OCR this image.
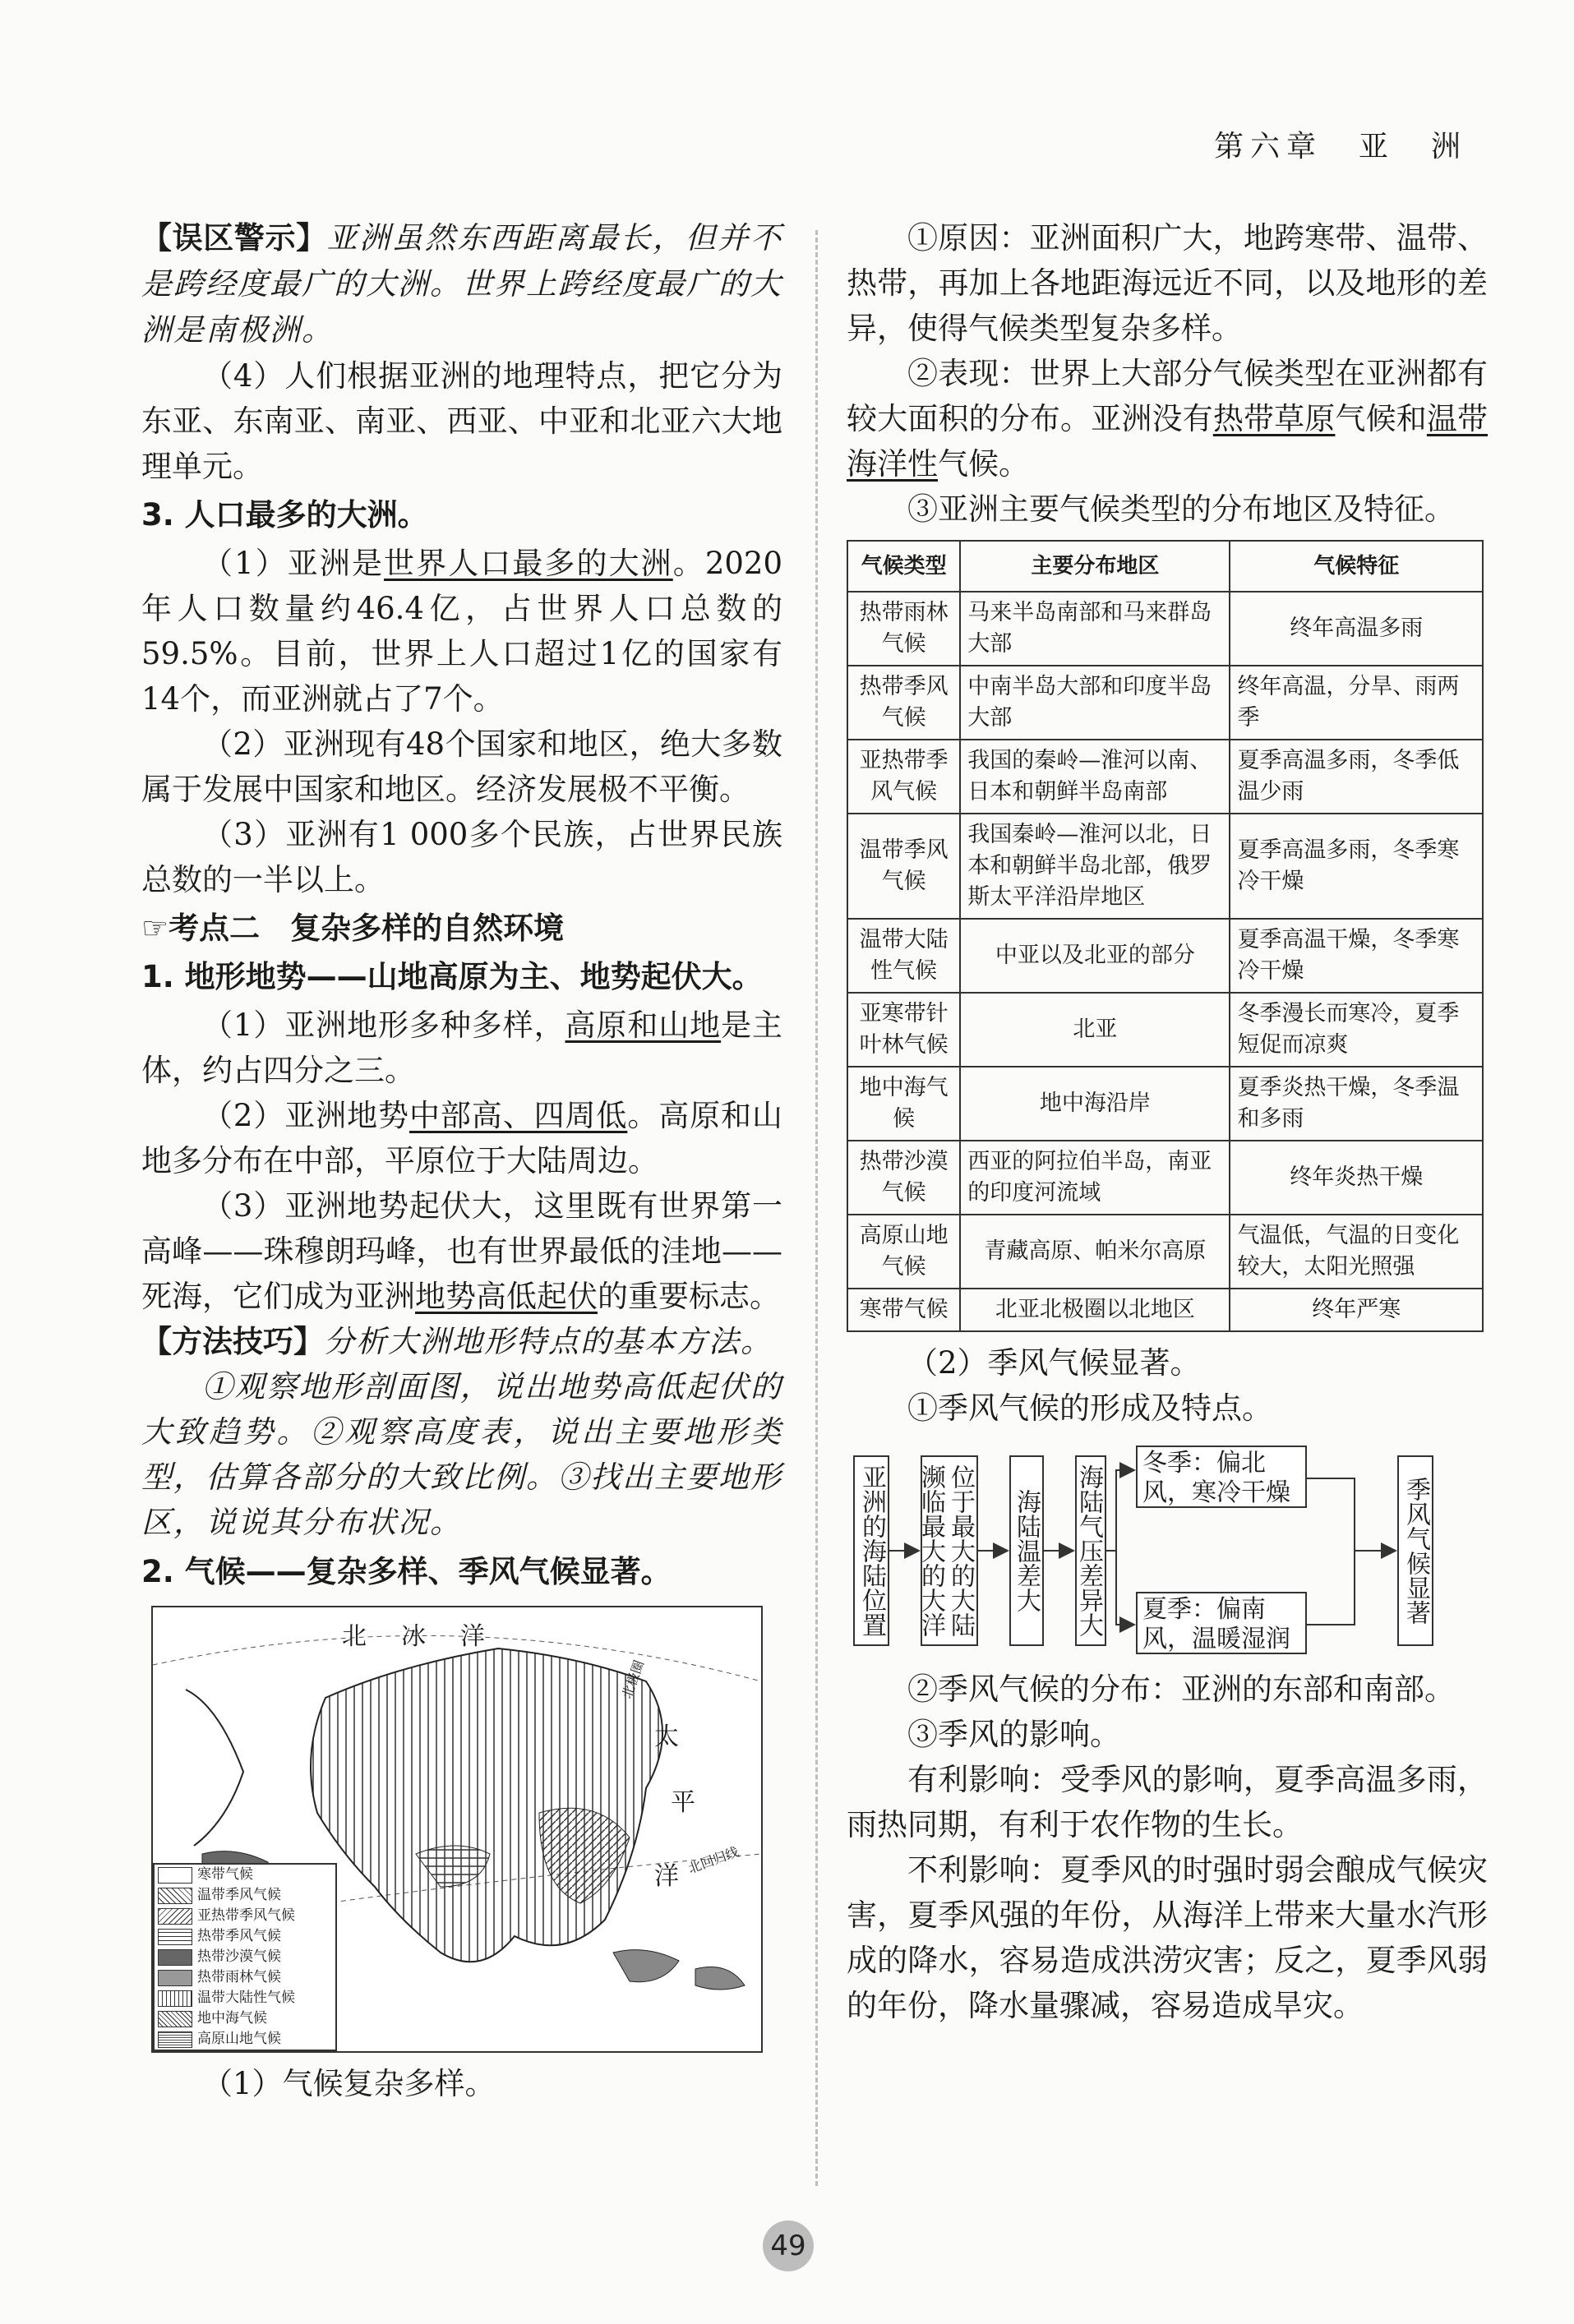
第六章　亚　洲

【误区警示】亚洲虽然东西距离最长，但并不是跨经度最广的大洲。世界上跨经度最广的大洲是南极洲。

（4）人们根据亚洲的地理特点，把它分为东亚、东南亚、南亚、西亚、中亚和北亚六大地理单元。

3. 人口最多的大洲。

（1）亚洲是世界人口最多的大洲。2020年人口数量约46.4亿，占世界人口总数的59.5%。目前，世界上人口超过1亿的国家有14个，而亚洲就占了7个。

（2）亚洲现有48个国家和地区，绝大多数属于发展中国家和地区。经济发展极不平衡。

（3）亚洲有1 000多个民族，占世界民族总数的一半以上。

☞考点二　复杂多样的自然环境

1. 地形地势——山地高原为主、地势起伏大。

（1）亚洲地形多种多样，高原和山地是主体，约占四分之三。

（2）亚洲地势中部高、四周低。高原和山地多分布在中部，平原位于大陆周边。

（3）亚洲地势起伏大，这里既有世界第一高峰——珠穆朗玛峰，也有世界最低的洼地——死海，它们成为亚洲地势高低起伏的重要标志。

【方法技巧】分析大洲地形特点的基本方法。

①观察地形剖面图，说出地势高低起伏的大致趋势。②观察高度表，说出主要地形类型，估算各部分的大致比例。③找出主要地形区，说说其分布状况。

2. 气候——复杂多样、季风气候显著。

北　冰　洋
北极圈
太
平
洋
北回归线
寒带气候
温带季风气候
亚热带季风气候
热带季风气候
热带沙漠气候
热带雨林气候
温带大陆性气候
地中海气候
高原山地气候

（1）气候复杂多样。

①原因：亚洲面积广大，地跨寒带、温带、热带，再加上各地距海远近不同，以及地形的差异，使得气候类型复杂多样。

②表现：世界上大部分气候类型在亚洲都有较大面积的分布。亚洲没有热带草原气候和温带海洋性气候。

③亚洲主要气候类型的分布地区及特征。

气候类型	主要分布地区	气候特征
热带雨林气候	马来半岛南部和马来群岛大部	终年高温多雨
热带季风气候	中南半岛大部和印度半岛大部	终年高温，分旱、雨两季
亚热带季风气候	我国的秦岭—淮河以南、日本和朝鲜半岛南部	夏季高温多雨，冬季低温少雨
温带季风气候	我国秦岭—淮河以北，日本和朝鲜半岛北部，俄罗斯太平洋沿岸地区	夏季高温多雨，冬季寒冷干燥
温带大陆性气候	中亚以及北亚的部分	夏季高温干燥，冬季寒冷干燥
亚寒带针叶林气候	北亚	冬季漫长而寒冷，夏季短促而凉爽
地中海气候	地中海沿岸	夏季炎热干燥，冬季温和多雨
热带沙漠气候	西亚的阿拉伯半岛，南亚的印度河流域	终年炎热干燥
高原山地气候	青藏高原、帕米尔高原	气温低，气温的日变化较大，太阳光照强
寒带气候	北亚北极圈以北地区	终年严寒

（2）季风气候显著。

①季风气候的形成及特点。

亚洲的海陆位置	位于最大的大陆濒临最大的大洋	海陆温差大 海陆气压差异大
冬季：偏北风，寒冷干燥
夏季：偏南风，温暖湿润
季风气候显著

②季风气候的分布：亚洲的东部和南部。

③季风的影响。

有利影响：受季风的影响，夏季高温多雨，雨热同期，有利于农作物的生长。

不利影响：夏季风的时强时弱会酿成气候灾害，夏季风强的年份，从海洋上带来大量水汽形成的降水，容易造成洪涝灾害；反之，夏季风弱的年份，降水量骤减，容易造成旱灾。

49
